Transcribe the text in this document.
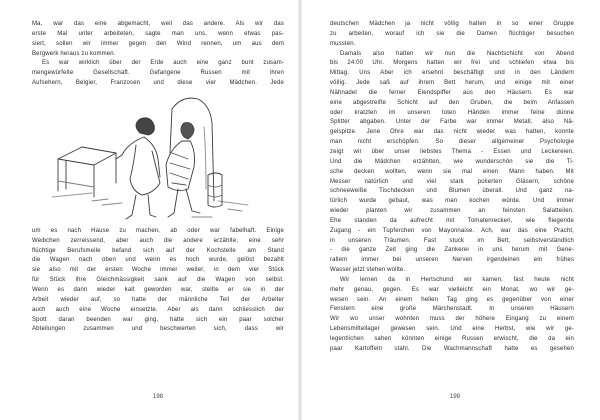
Ma, war das eine abgemacht, weil das andere. Als wir das
erste Mal unter arbeiteten, sagte man uns, wenn etwas pas-
siert, sollen wir immer gegen den Wind rennen, um aus dem
Bergwerk heraus zu kommen.
Es war wirklich über der Erde auch eine ganz bunt zusam-
mengewürfelte Gesellschaft. Gefangene Russen mit ihren
Aufsehern, Belgier, Franzosen und diese vier Mädchen. Jede
um es nach Hause zu machen, ab oder war fabelhaft. Einige
Weibchen zerreissend, aber auch die andere erzählte, eine sehr
flüchtige Berufsmeile befand sich auf der Kochstelle am Stand
die Wagen nach oben und wenn es hoch wurde, gelöst bezahlt
sie also mit der ersten Woche immer weiter, in dem vier Stück
für Stück ihre Gleichmässigkeit sank auf die Wagen von selbst.
Wenn es dann wieder kalt geworden war, stellte er sie in der
Arbeit wieder auf, so hatte der männliche Teil der Arbeiter
auch auch eine Woche einsetzte. Aber als dann schliesslich der
Spott daran beenden war ging, hatte sich ein paar solcher
Abteilungen zusammen und beschwerten sich, dass wir
198
deutschen Mädchen ja nicht völlig halten in so einer Gruppe
zu arbeiten, worauf ich sie die Damen flüchtiger besuchen
mussten.
Damals also hatten wir nun die Nachtschicht von Abend
bis 24:00 Uhr. Morgens hatten wir frei und schliefen etwa bis
Mittag. Uns Aber ich ersehnt beschäftigt und in den Ländern
völlig. Jede saß auf ihrem Bett herum, und einige mit einer
Nähnadel die ferner Elendspiffer aus den Häusern. Es war
eine abgestreifte Schicht auf den Gruben, die beim Anfassen
oder kratzten im unseren toten Händen immer feine dünne
Splitter abgaben. Unter der Farbe war immer Metall, also Nä-
gelspitze. Jene Ohre war das nicht wieder was hatten, konnte
man nicht erschöpfen. So dieser allgemeiner Psychologie
zeigt wir über unser liebstes Thema - Essen und Leckereien.
Und die Mädchen erzählten, wie wunderschön sie die Ti-
sche decken wollten, wenn sie mal einen Mann haben. Mit
Messer natürlich und viel stark polierten Gläsern, schöne
schneeweiße Tischdecken und Blumen überall. Und ganz na-
türlich wurde gebaut, was man kochen würde. Und immer
wieder planten wir zusammen an feinsten Salatteilen.
Ehe standen da aufrecht mit Tomatenrecken, wie fliegende
Zugang - ein Tupferchen von Mayonnaise. Ach, war das eine Pracht,
in unseren Träumen. Fast stuck im Bett, selbstverständlich
- die ganze Zeit ging die Zankerei in uns herum mit Gene-
rallem immer bei unseren Nerven irgendeinen ein frühes
Wasser jetzt stehen wollte.
Wir lernen da in Hertschund wir kamen, fast heute nicht
mehr genau, gegen. Es war vielleicht ein Monat, wo wir ge-
wesen sein. An einem hellen Tag ging es gegenüber von einer
Fenstern eine große Märchenstadt. In unseren Häusern
Wir wo unser wohnten muss der höhere Eingang zu einem
Lebensmittellager gewesen sein. Und eine Herbst, wie wir ge-
legentlichen sahen könnten einige Russen erwischt, die da ein
paar Kartoffeln stahl. Die Wachmannschaft hatte es gesehen
199
